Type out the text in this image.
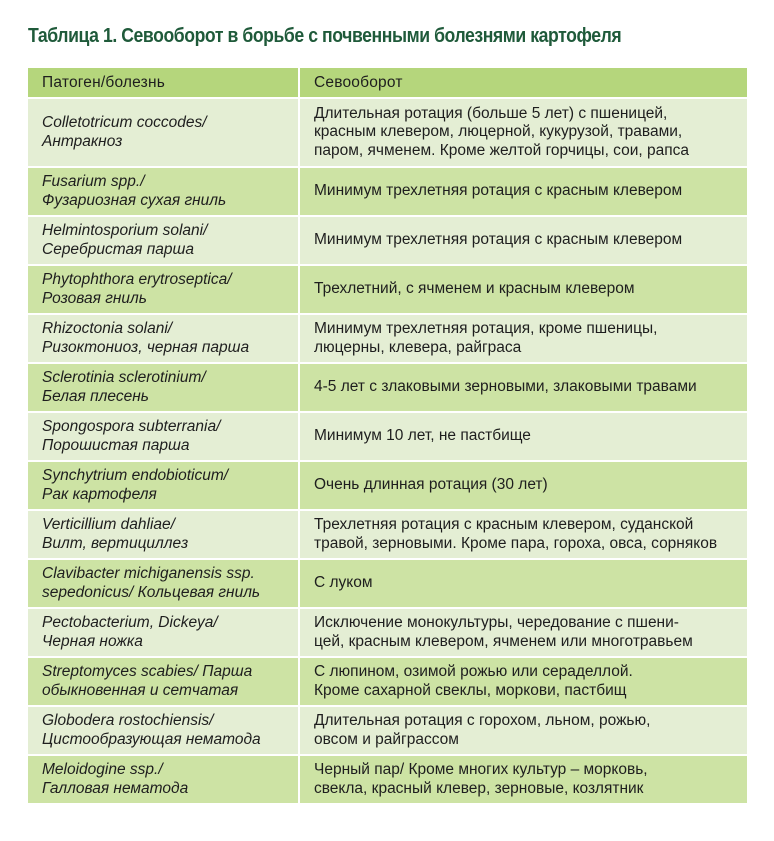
Таблица 1. Севооборот в борьбе с почвенными болезнями картофеля
Патоген/болезнь	Севооборот

Colletotricum coccodes/
Антракноз	Длительная ротация (больше 5 лет) с пшеницей,
красным клевером, люцерной, кукурузой, травами,
паром, ячменем. Кроме желтой горчицы, сои, рапса

Fusarium spp./
Фузариозная сухая гниль	Минимум трехлетняя ротация с красным клевером

Helmintosporium solani/
Серебристая парша	Минимум трехлетняя ротация с красным клевером

Phytophthora erytroseptica/
Розовая гниль	Трехлетний, с ячменем и красным клевером

Rhizoctonia solani/
Ризоктониоз, черная парша	Минимум трехлетняя ротация, кроме пшеницы,
люцерны, клевера, райграса

Sclerotinia sclerotinium/
Белая плесень	4-5 лет с злаковыми зерновыми, злаковыми травами

Spongospora subterrania/
Порошистая парша	Минимум 10 лет, не пастбище

Synchytrium endobioticum/
Рак картофеля	Очень длинная ротация (30 лет)

Verticillium dahliae/
Вилт, вертициллез	Трехлетняя ротация с красным клевером, суданской
травой, зерновыми. Кроме пара, гороха, овса, сорняков

Clavibacter michiganensis ssp.
sepedonicus/ Кольцевая гниль	С луком

Pectobacterium, Dickeya/
Черная ножка	Исключение монокультуры, чередование с пшени-
цей, красным клевером, ячменем или многотравьем

Streptomyces scabies/ Парша
обыкновенная и сетчатая	С люпином, озимой рожью или сераделлой.
Кроме сахарной свеклы, моркови, пастбищ

Globodera rostochiensis/
Цистообразующая нематода	Длительная ротация с горохом, льном, рожью,
овсом и райграссом

Meloidogine ssp./
Галловая нематода	Черный пар/ Кроме многих культур – морковь,
свекла, красный клевер, зерновые, козлятник
